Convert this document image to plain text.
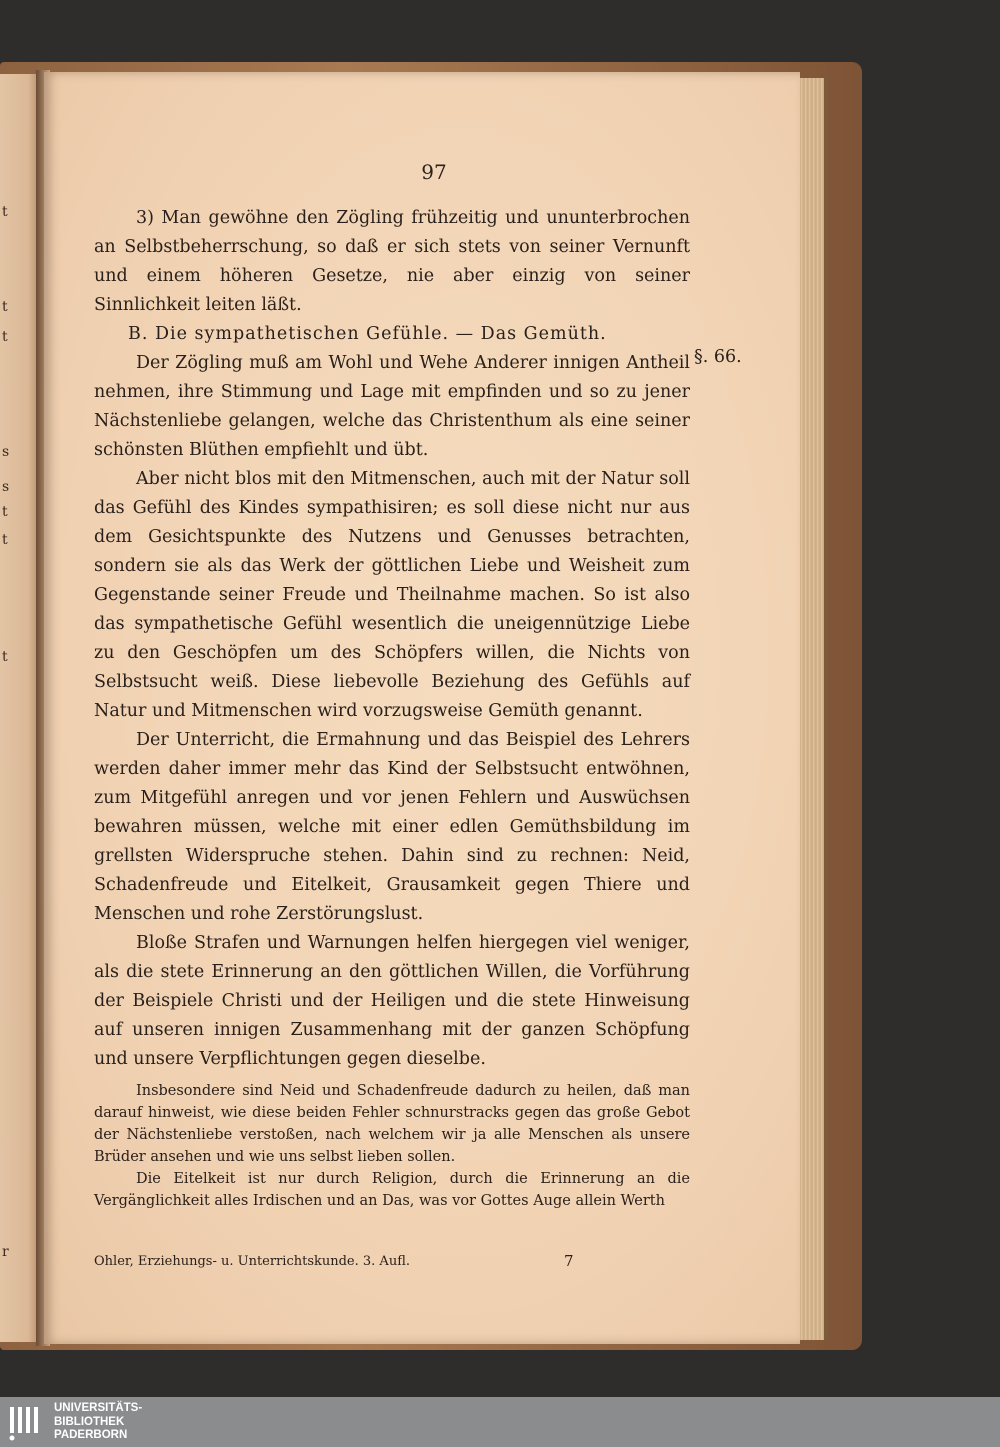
t
t
t
s
s
t
t
t
r
97
§. 66.

3) Man gewöhne den Zögling frühzeitig und ununterbrochen an Selbstbeherrschung, so daß er sich stets von seiner Vernunft und einem höheren Gesetze, nie aber einzig von seiner Sinnlichkeit leiten läßt.

B. Die sympathetischen Gefühle. — Das Gemüth.

Der Zögling muß am Wohl und Wehe Anderer innigen Antheil nehmen, ihre Stimmung und Lage mit empfinden und so zu jener Nächstenliebe gelangen, welche das Christenthum als eine seiner schönsten Blüthen empfiehlt und übt.

Aber nicht blos mit den Mitmenschen, auch mit der Natur soll das Gefühl des Kindes sympathisiren; es soll diese nicht nur aus dem Gesichtspunkte des Nutzens und Genusses betrachten, sondern sie als das Werk der göttlichen Liebe und Weisheit zum Gegenstande seiner Freude und Theilnahme machen. So ist also das sympathetische Gefühl wesentlich die uneigennützige Liebe zu den Geschöpfen um des Schöpfers willen, die Nichts von Selbstsucht weiß. Diese liebevolle Beziehung des Gefühls auf Natur und Mitmenschen wird vorzugsweise Gemüth genannt.

Der Unterricht, die Ermahnung und das Beispiel des Lehrers werden daher immer mehr das Kind der Selbstsucht entwöhnen, zum Mitgefühl anregen und vor jenen Fehlern und Auswüchsen bewahren müssen, welche mit einer edlen Gemüthsbildung im grellsten Widerspruche stehen. Dahin sind zu rechnen: Neid, Schadenfreude und Eitelkeit, Grausamkeit gegen Thiere und Menschen und rohe Zerstörungslust.

Bloße Strafen und Warnungen helfen hiergegen viel weniger, als die stete Erinnerung an den göttlichen Willen, die Vorführung der Beispiele Christi und der Heiligen und die stete Hinweisung auf unseren innigen Zusammenhang mit der ganzen Schöpfung und unsere Verpflichtungen gegen dieselbe.

Insbesondere sind Neid und Schadenfreude dadurch zu heilen, daß man darauf hinweist, wie diese beiden Fehler schnurstracks gegen das große Gebot der Nächstenliebe verstoßen, nach welchem wir ja alle Menschen als unsere Brüder ansehen und wie uns selbst lieben sollen.

Die Eitelkeit ist nur durch Religion, durch die Erinnerung an die Vergänglichkeit alles Irdischen und an Das, was vor Gottes Auge allein Werth

Ohler, Erziehungs- u. Unterrichtskunde. 3. Aufl.	7
UNIVERSITÄTS-
BIBLIOTHEK
PADERBORN
